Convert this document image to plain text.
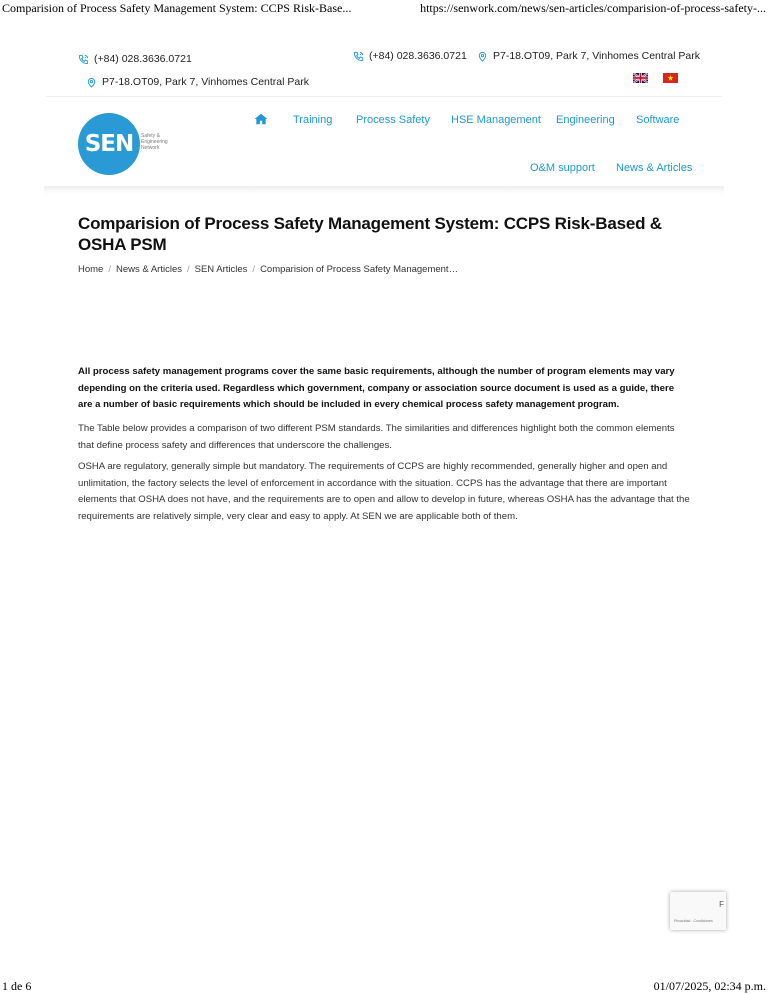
Comparision of Process Safety Management System: CCPS Risk-Base...	https://senwork.com/news/sen-articles/comparision-of-process-safety-...
(+84) 028.3636.0721
P7-18.OT09, Park 7, Vinhomes Central Park
(+84) 028.3636.0721 P7-18.OT09, Park 7, Vinhomes Central Park
SEN	Safety & Engineering Network
Training Process Safety HSE Management Engineering Software
O&M support News & Articles
Comparision of Process Safety Management System: CCPS Risk-Based & OSHA PSM
Home / News & Articles / SEN Articles / Comparision of Process Safety Management…

All process safety management programs cover the same basic requirements, although the number of program elements may vary depending on the criteria used. Regardless which government, company or association source document is used as a guide, there are a number of basic requirements which should be included in every chemical process safety management program.

The Table below provides a comparison of two different PSM standards. The similarities and differences highlight both the common elements that define process safety and differences that underscore the challenges.

OSHA are regulatory, generally simple but mandatory. The requirements of CCPS are highly recommended, generally higher and open and unlimitation, the factory selects the level of enforcement in accordance with the situation. CCPS has the advantage that there are important elements that OSHA does not have, and the requirements are to open and allow to develop in future, whereas OSHA has the advantage that the requirements are relatively simple, very clear and easy to apply. At SEN we are applicable both of them.

F
Privacidad - Condiciones
1 de 6	01/07/2025, 02:34 p.m.
